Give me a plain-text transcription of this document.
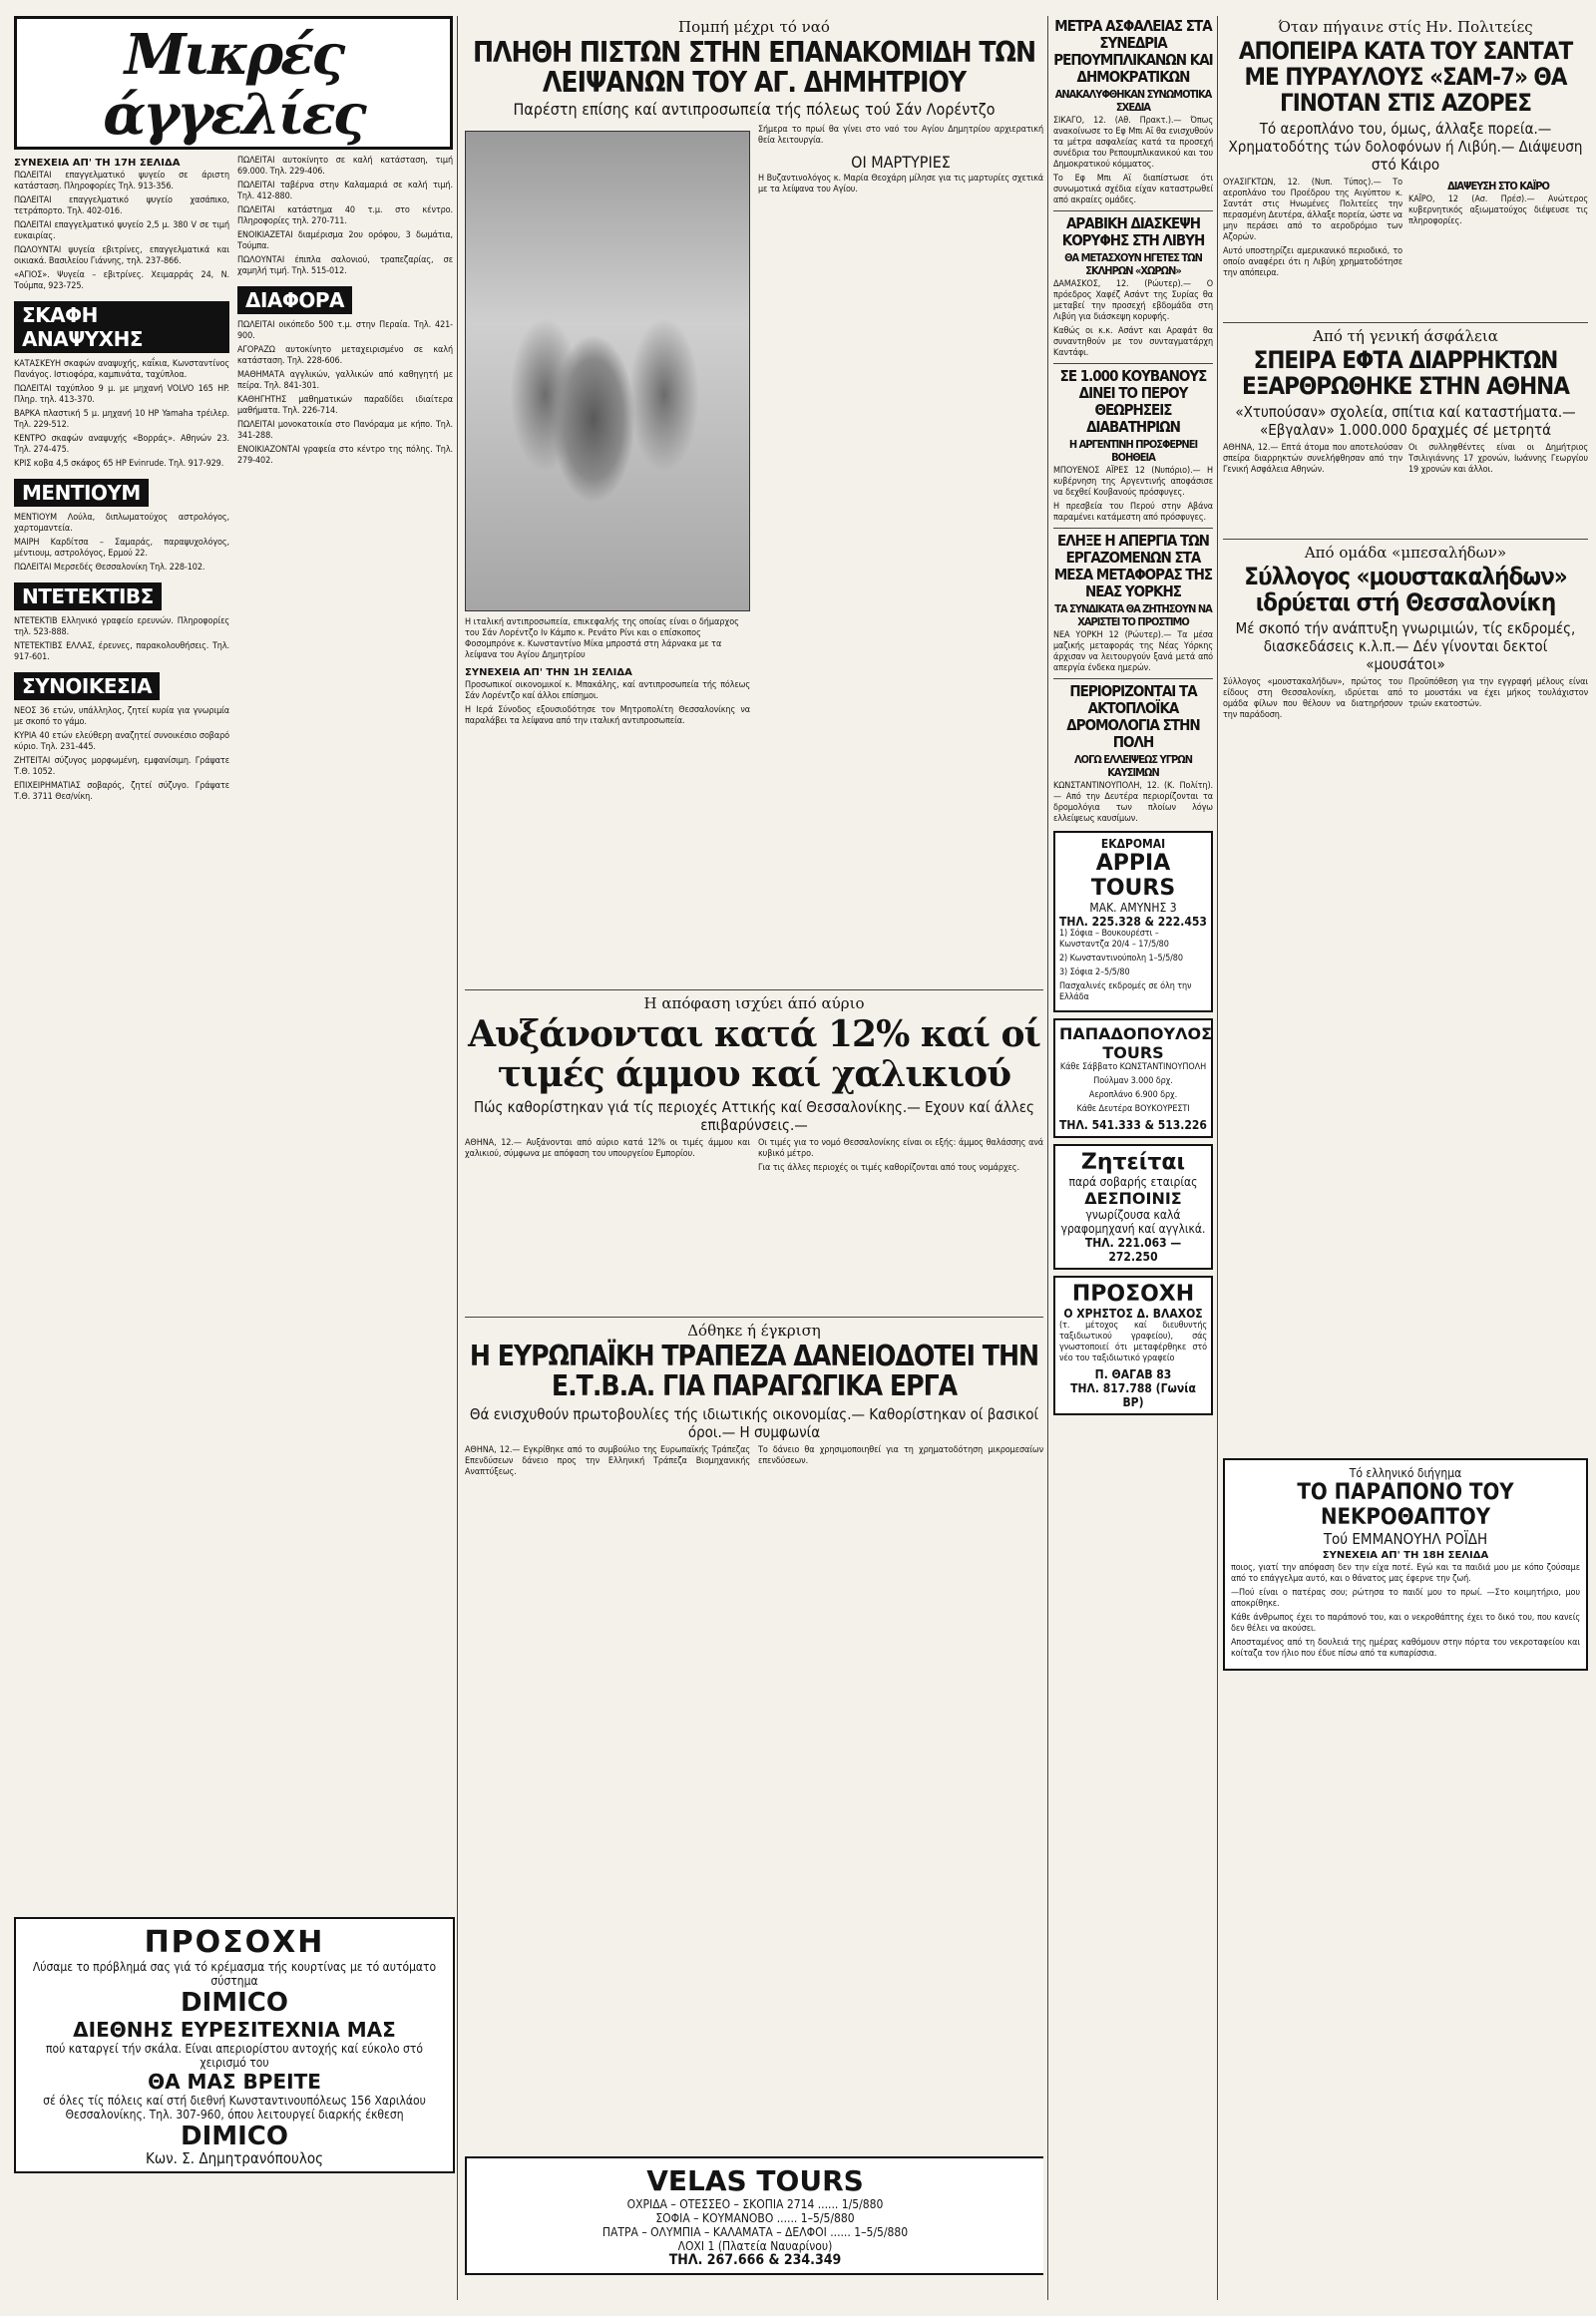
Μικρές άγγελίες
ΣΥΝΕΧΕΙΑ ΑΠ' ΤΗ 17Η ΣΕΛΙΔΑ

ΠΩΛΕΙΤΑΙ επαγγελματικό ψυγείο σε άριστη κατάσταση. Πληροφορίες Τηλ. 913-356.

ΠΩΛΕΙΤΑΙ επαγγελματικό ψυγείο χασάπικο, τετράπορτο. Τηλ. 402-016.

ΠΩΛΕΙΤΑΙ επαγγελματικό ψυγείο 2,5 μ. 380 V σε τιμή ευκαιρίας.

ΠΩΛΟΥΝΤΑΙ ψυγεία εβιτρίνες, επαγγελματικά και οικιακά. Βασιλείου Γιάννης, τηλ. 237-866.

«ΑΓΙΟΣ». Ψυγεία – εβιτρίνες. Χειμαρράς 24, Ν. Τούμπα, 923-725.

ΣΚΑΦΗ ΑΝΑΨΥΧΗΣ

ΚΑΤΑΣΚΕΥΗ σκαφών αναψυχής, καΐκια, Κωνσταντίνος Πανάγος. Ιστιοφόρα, καμπινάτα, ταχύπλοα.

ΠΩΛΕΙΤΑΙ ταχύπλοο 9 μ. με μηχανή VOLVO 165 HP. Πληρ. τηλ. 413-370.

ΒΑΡΚΑ πλαστική 5 μ. μηχανή 10 HP Yamaha τρέιλερ. Τηλ. 229-512.

ΚΕΝΤΡΟ σκαφών αναψυχής «Βορράς». Αθηνών 23. Τηλ. 274-475.

ΚΡΙΣ κοβα 4,5 σκάφος 65 HP Evinrude. Τηλ. 917-929.

ΜΕΝΤΙΟΥΜ

ΜΕΝΤΙΟΥΜ Λούλα, διπλωματούχος αστρολόγος, χαρτομαντεία.

ΜΑΙΡΗ Καρδίτσα – Σαμαράς, παραψυχολόγος, μέντιουμ, αστρολόγος, Ερμού 22.

ΠΩΛΕΙΤΑΙ Μερσεδές Θεσσαλονίκη Τηλ. 228-102.

ΝΤΕΤΕΚΤΙΒΣ

ΝΤΕΤΕΚΤΙΒ Ελληνικό γραφείο ερευνών. Πληροφορίες τηλ. 523-888.

ΝΤΕΤΕΚΤΙΒΣ ΕΛΛΑΣ, έρευνες, παρακολουθήσεις. Τηλ. 917-601.

ΣΥΝΟΙΚΕΣΙΑ

ΝΕΟΣ 36 ετών, υπάλληλος, ζητεί κυρία για γνωριμία με σκοπό το γάμο.

ΚΥΡΙΑ 40 ετών ελεύθερη αναζητεί συνοικέσιο σοβαρό κύριο. Τηλ. 231-445.

ΖΗΤΕΙΤΑΙ σύζυγος μορφωμένη, εμφανίσιμη. Γράψατε Τ.Θ. 1052.

ΕΠΙΧΕΙΡΗΜΑΤΙΑΣ σοβαρός, ζητεί σύζυγο. Γράψατε Τ.Θ. 3711 Θεσ/νίκη.

ΠΩΛΕΙΤΑΙ αυτοκίνητο σε καλή κατάσταση, τιμή 69.000. Τηλ. 229-406.

ΠΩΛΕΙΤΑΙ ταβέρνα στην Καλαμαριά σε καλή τιμή. Τηλ. 412-880.

ΠΩΛΕΙΤΑΙ κατάστημα 40 τ.μ. στο κέντρο. Πληροφορίες τηλ. 270-711.

ΕΝΟΙΚΙΑΖΕΤΑΙ διαμέρισμα 2ου ορόφου, 3 δωμάτια, Τούμπα.

ΠΩΛΟΥΝΤΑΙ έπιπλα σαλονιού, τραπεζαρίας, σε χαμηλή τιμή. Τηλ. 515-012.

ΔΙΑΦΟΡΑ

ΠΩΛΕΙΤΑΙ οικόπεδο 500 τ.μ. στην Περαία. Τηλ. 421-900.

ΑΓΟΡΑΖΩ αυτοκίνητο μεταχειρισμένο σε καλή κατάσταση. Τηλ. 228-606.

ΜΑΘΗΜΑΤΑ αγγλικών, γαλλικών από καθηγητή με πείρα. Τηλ. 841-301.

ΚΑΘΗΓΗΤΗΣ μαθηματικών παραδίδει ιδιαίτερα μαθήματα. Τηλ. 226-714.

ΠΩΛΕΙΤΑΙ μονοκατοικία στο Πανόραμα με κήπο. Τηλ. 341-288.

ΕΝΟΙΚΙΑΖΟΝΤΑΙ γραφεία στο κέντρο της πόλης. Τηλ. 279-402.

ΠΡΟΣΟΧΗ
Λύσαμε το πρόβλημά σας γιά τό κρέμασμα τής κουρτίνας με τό αυτόματο σύστημα
DIMICO
ΔΙΕΘΝΗΣ ΕΥΡΕΣΙΤΕΧΝΙΑ ΜΑΣ
πού καταργεί τήν σκάλα. Είναι απεριορίστου αντοχής καί εύκολο στό χειρισμό του
ΘΑ ΜΑΣ ΒΡΕΙΤΕ
σέ όλες τίς πόλεις καί στή διεθνή Κωνσταντινουπόλεως 156 Χαριλάου Θεσσαλονίκης. Τηλ. 307-960, όπου λειτουργεί διαρκής έκθεση
DIMICO
Κων. Σ. Δημητρανόπουλος
Πομπή μέχρι τό ναό
ΠΛΗΘΗ ΠΙΣΤΩΝ ΣΤΗΝ ΕΠΑΝΑΚΟΜΙΔΗ ΤΩΝ ΛΕΙΨΑΝΩΝ ΤΟΥ ΑΓ. ΔΗΜΗΤΡΙΟΥ
Παρέστη επίσης καί αντιπροσωπεία τής πόλεως τού Σάν Λορέντζο
Η ιταλική αντιπροσωπεία, επικεφαλής της οποίας είναι ο δήμαρχος του Σάν Λορέντζο Ιν Κάμπο κ. Ρενάτο Ρίνι και ο επίσκοπος Φοσομπρόνε κ. Κωνσταντίνο Μίκα μπροστά στη λάρνακα με τα λείψανα του Αγίου Δημητρίου
ΣΥΝΕΧΕΙΑ ΑΠ' ΤΗΝ 1Η ΣΕΛΙΔΑ

Προσωπικοί οικονομικοί κ. Μπακάλης, καί αντιπροσωπεία τής πόλεως Σάν Λορέντζο καί άλλοι επίσημοι.

Η Ιερά Σύνοδος εξουσιοδότησε τον Μητροπολίτη Θεσσαλονίκης να παραλάβει τα λείψανα από την ιταλική αντιπροσωπεία.

Σήμερα το πρωί θα γίνει στο ναό του Αγίου Δημητρίου αρχιερατική θεία λειτουργία.

ΟΙ ΜΑΡΤΥΡΙΕΣ

Η Βυζαντινολόγος κ. Μαρία Θεοχάρη μίλησε για τις μαρτυρίες σχετικά με τα λείψανα του Αγίου.

Η απόφαση ισχύει άπό αύριο
Αυξάνονται κατά 12% καί οί τιμές άμμου καί χαλικιού
Πώς καθορίστηκαν γιά τίς περιοχές Αττικής καί Θεσσαλονίκης.— Εχουν καί άλλες επιβαρύνσεις.—

ΑΘΗΝΑ, 12.— Αυξάνονται από αύριο κατά 12% οι τιμές άμμου και χαλικιού, σύμφωνα με απόφαση του υπουργείου Εμπορίου.

Οι τιμές για το νομό Θεσσαλονίκης είναι οι εξής: άμμος θαλάσσης ανά κυβικό μέτρο.

Για τις άλλες περιοχές οι τιμές καθορίζονται από τους νομάρχες.

Δόθηκε ή έγκριση
Η ΕΥΡΩΠΑΪΚΗ ΤΡΑΠΕΖΑ ΔΑΝΕΙΟΔΟΤΕΙ ΤΗΝ Ε.Τ.Β.Α. ΓΙΑ ΠΑΡΑΓΩΓΙΚΑ ΕΡΓΑ
Θά ενισχυθούν πρωτοβουλίες τής ιδιωτικής οικονομίας.— Καθορίστηκαν οί βασικοί όροι.— Η συμφωνία

ΑΘΗΝΑ, 12.— Εγκρίθηκε από το συμβούλιο της Ευρωπαϊκής Τράπεζας Επενδύσεων δάνειο προς την Ελληνική Τράπεζα Βιομηχανικής Αναπτύξεως.

Το δάνειο θα χρησιμοποιηθεί για τη χρηματοδότηση μικρομεσαίων επενδύσεων.

VELAS TOURS
ΟΧΡΙΔΑ – ΟΤΕΣΣΕΟ – ΣΚΟΠΙΑ 2714 ...... 1/5/880
ΣΟΦΙΑ – ΚΟΥΜΑΝΟΒΟ ...... 1–5/5/880
ΠΑΤΡΑ – ΟΛΥΜΠΙΑ – ΚΑΛΑΜΑΤΑ – ΔΕΛΦΟΙ ...... 1–5/5/880
ΛΟΧΙ 1 (Πλατεία Ναυαρίνου)
ΤΗΛ. 267.666 & 234.349
ΜΕΤΡΑ ΑΣΦΑΛΕΙΑΣ ΣΤΑ ΣΥΝΕΔΡΙΑ ΡΕΠΟΥΜΠΛΙΚΑΝΩΝ ΚΑΙ ΔΗΜΟΚΡΑΤΙΚΩΝ
ΑΝΑΚΑΛΥΦΘΗΚΑΝ ΣΥΝΩΜΟΤΙΚΑ ΣΧΕΔΙΑ

ΣΙΚΑΓΟ, 12. (Αθ. Πρακτ.).— Όπως ανακοίνωσε το Εφ Μπι Αϊ θα ενισχυθούν τα μέτρα ασφαλείας κατά τα προσεχή συνέδρια του Ρεπουμπλικανικού και του Δημοκρατικού κόμματος.

Το Εφ Μπι Αϊ διαπίστωσε ότι συνωμοτικά σχέδια είχαν καταστρωθεί από ακραίες ομάδες.

ΑΡΑΒΙΚΗ ΔΙΑΣΚΕΨΗ ΚΟΡΥΦΗΣ ΣΤΗ ΛΙΒΥΗ
ΘΑ ΜΕΤΑΣΧΟΥΝ ΗΓΕΤΕΣ ΤΩΝ ΣΚΛΗΡΩΝ «ΧΩΡΩΝ»

ΔΑΜΑΣΚΟΣ, 12. (Ρώυτερ).— Ο πρόεδρος Χαφέζ Ασάντ της Συρίας θα μεταβεί την προσεχή εβδομάδα στη Λιβύη για διάσκεψη κορυφής.

Καθώς οι κ.κ. Ασάντ και Αραφάτ θα συναντηθούν με τον συνταγματάρχη Καντάφι.

ΣΕ 1.000 ΚΟΥΒΑΝΟΥΣ ΔΙΝΕΙ ΤΟ ΠΕΡΟΥ ΘΕΩΡΗΣΕΙΣ ΔΙΑΒΑΤΗΡΙΩΝ
Η ΑΡΓΕΝΤΙΝΗ ΠΡΟΣΦΕΡΝΕΙ ΒΟΗΘΕΙΑ

ΜΠΟΥΕΝΟΣ ΑΪΡΕΣ 12 (Νυπόριο).— Η κυβέρνηση της Αργεντινής αποφάσισε να δεχθεί Κουβανούς πρόσφυγες.

Η πρεσβεία του Περού στην Αβάνα παραμένει κατάμεστη από πρόσφυγες.

ΕΛΗΞΕ Η ΑΠΕΡΓΙΑ ΤΩΝ ΕΡΓΑΖΟΜΕΝΩΝ ΣΤΑ ΜΕΣΑ ΜΕΤΑΦΟΡΑΣ ΤΗΣ ΝΕΑΣ ΥΟΡΚΗΣ
ΤΑ ΣΥΝΔΙΚΑΤΑ ΘΑ ΖΗΤΗΣΟΥΝ ΝΑ ΧΑΡΙΣΤΕΙ ΤΟ ΠΡΟΣΤΙΜΟ

ΝΕΑ ΥΟΡΚΗ 12 (Ρώυτερ).— Τα μέσα μαζικής μεταφοράς της Νέας Υόρκης άρχισαν να λειτουργούν ξανά μετά από απεργία ένδεκα ημερών.

ΠΕΡΙΟΡΙΖΟΝΤΑΙ ΤΑ ΑΚΤΟΠΛΟΪΚΑ ΔΡΟΜΟΛΟΓΙΑ ΣΤΗΝ ΠΟΛΗ
ΛΟΓΩ ΕΛΛΕΙΨΕΩΣ ΥΓΡΩΝ ΚΑΥΣΙΜΩΝ

ΚΩΝΣΤΑΝΤΙΝΟΥΠΟΛΗ, 12. (Κ. Πολίτη).— Από την Δευτέρα περιορίζονται τα δρομολόγια των πλοίων λόγω ελλείψεως καυσίμων.

ΕΚΔΡΟΜΑΙ
APPIA TOURS
ΜΑΚ. ΑΜΥΝΗΣ 3
ΤΗΛ. 225.328 & 222.453
1) Σόφια – Βουκουρέστι – Κωνσταντζα 20/4 – 17/5/80
2) Κωνσταντινούπολη 1–5/5/80
3) Σόφια 2–5/5/80
Πασχαλινές εκδρομές σε όλη την Ελλάδα
ΠΑΠΑΔΟΠΟΥΛΟΣ TOURS
Κάθε Σάββατο ΚΩΝΣΤΑΝΤΙΝΟΥΠΟΛΗ
Πούλμαν 3.000 δρχ.
Αεροπλάνο 6.900 δρχ.
Κάθε Δευτέρα ΒΟΥΚΟΥΡΕΣΤΙ
ΤΗΛ. 541.333 & 513.226
Ζητείται
παρά σοβαρής εταιρίας
ΔΕΣΠΟΙΝΙΣ
γνωρίζουσα καλά γραφομηχανή καί αγγλικά.
ΤΗΛ. 221.063 — 272.250
ΠΡΟΣΟΧΗ
Ο ΧΡΗΣΤΟΣ Δ. ΒΛΑΧΟΣ
(τ. μέτοχος καί διευθυντής ταξιδιωτικού γραφείου), σάς γνωστοποιεί ότι μεταφέρθηκε στό νέο του ταξιδιωτικό γραφείο
Π. ΘΑΓΑΒ 83
ΤΗΛ. 817.788 (Γωνία ΒΡ)
Όταν πήγαινε στίς Ην. Πολιτείες
ΑΠΟΠΕΙΡΑ ΚΑΤΑ ΤΟΥ ΣΑΝΤΑΤ ΜΕ ΠΥΡΑΥΛΟΥΣ «ΣΑΜ-7» ΘΑ ΓΙΝΟΤΑΝ ΣΤΙΣ ΑΖΟΡΕΣ
Τό αεροπλάνο του, όμως, άλλαξε πορεία.— Χρηματοδότης τών δολοφόνων ή Λιβύη.— Διάψευση στό Κάιρο

ΟΥΑΣΙΓΚΤΩΝ, 12. (Νυπ. Τύπος).— Το αεροπλάνο του Προέδρου της Αιγύπτου κ. Σαντάτ στις Ηνωμένες Πολιτείες την περασμένη Δευτέρα, άλλαξε πορεία, ώστε να μην περάσει από το αεροδρόμιο των Αζορών.

Αυτό υποστηρίζει αμερικανικό περιοδικό, το οποίο αναφέρει ότι η Λιβύη χρηματοδότησε την απόπειρα.

ΔΙΑΨΕΥΣΗ ΣΤΟ ΚΑΪΡΟ

ΚΑΪΡΟ, 12 (Ασ. Πρέσ).— Ανώτερος κυβερνητικός αξιωματούχος διέψευσε τις πληροφορίες.

Από τή γενική άσφάλεια
ΣΠΕΙΡΑ ΕΦΤΑ ΔΙΑΡΡΗΚΤΩΝ ΕΞΑΡΘΡΩΘΗΚΕ ΣΤΗΝ ΑΘΗΝΑ
«Χτυπούσαν» σχολεία, σπίτια καί καταστήματα.— «Εβγαλαν» 1.000.000 δραχμές σέ μετρητά

ΑΘΗΝΑ, 12.— Επτά άτομα που αποτελούσαν σπείρα διαρρηκτών συνελήφθησαν από την Γενική Ασφάλεια Αθηνών.

Οι συλληφθέντες είναι οι Δημήτριος Τσιλιγιάννης 17 χρονών, Ιωάννης Γεωργίου 19 χρονών και άλλοι.

Από ομάδα «μπεσαλήδων»
Σύλλογος «μουστακαλήδων» ιδρύεται στή Θεσσαλονίκη
Μέ σκοπό τήν ανάπτυξη γνωριμιών, τίς εκδρομές, διασκεδάσεις κ.λ.π.— Δέν γίνονται δεκτοί «μουσάτοι»

Σύλλογος «μουστακαλήδων», πρώτος του είδους στη Θεσσαλονίκη, ιδρύεται από ομάδα φίλων που θέλουν να διατηρήσουν την παράδοση.

Προϋπόθεση για την εγγραφή μέλους είναι το μουστάκι να έχει μήκος τουλάχιστον τριών εκατοστών.

Τό ελληνικό διήγημα
ΤΟ ΠΑΡΑΠΟΝΟ ΤΟΥ ΝΕΚΡΟΘΑΠΤΟΥ
Τού ΕΜΜΑΝΟΥΗΛ ΡΟΪΔΗ
ΣΥΝΕΧΕΙΑ ΑΠ' ΤΗ 18Η ΣΕΛΙΔΑ

ποιος, γιατί την απόφαση δεν την είχα ποτέ. Εγώ και τα παιδιά μου με κόπο ζούσαμε από το επάγγελμα αυτό, και ο θάνατος μας έφερνε την ζωή.

—Πού είναι ο πατέρας σου; ρώτησα το παιδί μου το πρωί. —Στο κοιμητήριο, μου αποκρίθηκε.

Κάθε άνθρωπος έχει το παράπονό του, και ο νεκροθάπτης έχει το δικό του, που κανείς δεν θέλει να ακούσει.

Αποσταμένος από τη δουλειά της ημέρας καθόμουν στην πόρτα του νεκροταφείου και κοίταζα τον ήλιο που έδυε πίσω από τα κυπαρίσσια.
